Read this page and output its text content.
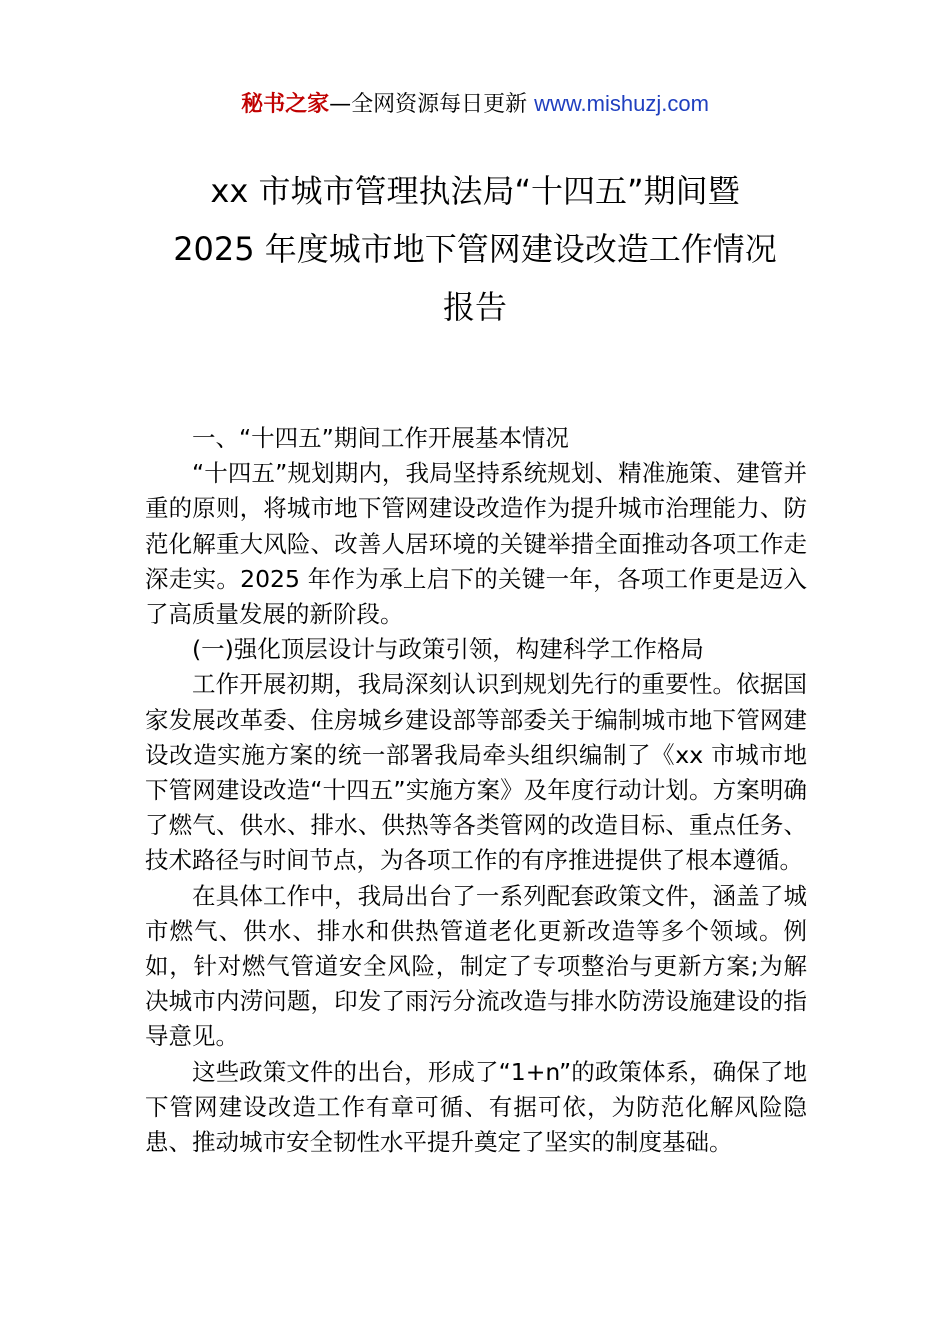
秘书之家—全网资源每日更新 www.mishuzj.com
xx 市城市管理执法局“十四五”期间暨
2025 年度城市地下管网建设改造工作情况
报告

一、“十四五”期间工作开展基本情况

“十四五”规划期内，我局坚持系统规划、精准施策、建管并重的原则，将城市地下管网建设改造作为提升城市治理能力、防范化解重大风险、改善人居环境的关键举措全面推动各项工作走深走实。2025 年作为承上启下的关键一年，各项工作更是迈入了高质量发展的新阶段。

(一)强化顶层设计与政策引领，构建科学工作格局

工作开展初期，我局深刻认识到规划先行的重要性。依据国家发展改革委、住房城乡建设部等部委关于编制城市地下管网建设改造实施方案的统一部署我局牵头组织编制了《xx 市城市地下管网建设改造“十四五”实施方案》及年度行动计划。方案明确了燃气、供水、排水、供热等各类管网的改造目标、重点任务、技术路径与时间节点，为各项工作的有序推进提供了根本遵循。

在具体工作中，我局出台了一系列配套政策文件，涵盖了城市燃气、供水、排水和供热管道老化更新改造等多个领域。例如，针对燃气管道安全风险，制定了专项整治与更新方案;为解决城市内涝问题，印发了雨污分流改造与排水防涝设施建设的指导意见。

这些政策文件的出台，形成了“1+n”的政策体系，确保了地下管网建设改造工作有章可循、有据可依，为防范化解风险隐患、推动城市安全韧性水平提升奠定了坚实的制度基础。
